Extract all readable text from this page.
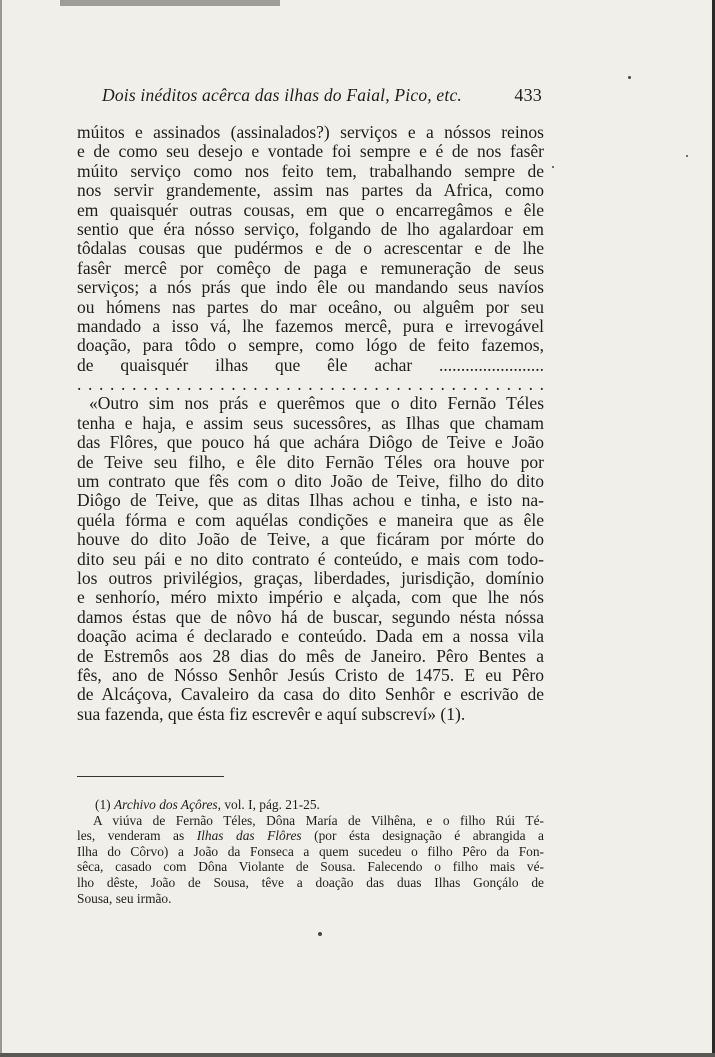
Dois inéditos acêrca das ilhas do Faial, Pico, etc.	433
múitos e assinados (assinalados?) serviços e a nóssos reinos
e de como seu desejo e vontade foi sempre e é de nos fasêr
múito serviço como nos feito tem, trabalhando sempre de
nos servir grandemente, assim nas partes da Africa, como
em quaisquér outras cousas, em que o encarregâmos e êle
sentio que éra nósso serviço, folgando de lho agalardoar em
tôdalas cousas que pudérmos e de o acrescentar e de lhe
fasêr mercê por comêço de paga e remuneração de seus
serviços; a nós prás que indo êle ou mandando seus navíos
ou hómens nas partes do mar oceâno, ou alguêm por seu
mandado a isso vá, lhe fazemos mercê, pura e irrevogável
doação, para tôdo o sempre, como lógo de feito fazemos,
de quaisquér ilhas que êle achar ........................
. . . . . . . . . . . . . . . . . . . . . . . . . . . . . . . . . . . . . . . . . . .
«Outro sim nos prás e querêmos que o dito Fernão Téles
tenha e haja, e assim seus sucessôres, as Ilhas que chamam
das Flôres, que pouco há que achára Diôgo de Teive e João
de Teive seu filho, e êle dito Fernão Téles ora houve por
um contrato que fês com o dito João de Teive, filho do dito
Diôgo de Teive, que as ditas Ilhas achou e tinha, e isto na-
quéla fórma e com aquélas condições e maneira que as êle
houve do dito João de Teive, a que ficáram por mórte do
dito seu pái e no dito contrato é conteúdo, e mais com todo-
los outros privilégios, graças, liberdades, jurisdição, domínio
e senhorío, méro mixto império e alçada, com que lhe nós
damos éstas que de nôvo há de buscar, segundo nésta nóssa
doação acima é declarado e conteúdo. Dada em a nossa vila
de Estremôs aos 28 dias do mês de Janeiro. Pêro Bentes a
fês, ano de Nósso Senhôr Jesús Cristo de 1475. E eu Pêro
de Alcáçova, Cavaleiro da casa do dito Senhôr e escrivão de
sua fazenda, que ésta fiz escrevêr e aquí subscreví» (1).
(1) Archivo dos Açôres, vol. I, pág. 21-25.
A viúva de Fernão Téles, Dôna María de Vilhêna, e o filho Rúi Té-
les, venderam as Ilhas das Flôres (por ésta designação é abrangida a
Ilha do Côrvo) a João da Fonseca a quem sucedeu o filho Pêro da Fon-
sêca, casado com Dôna Violante de Sousa. Falecendo o filho mais vé-
lho dêste, João de Sousa, têve a doação das duas Ilhas Gonçálo de
Sousa, seu irmão.
